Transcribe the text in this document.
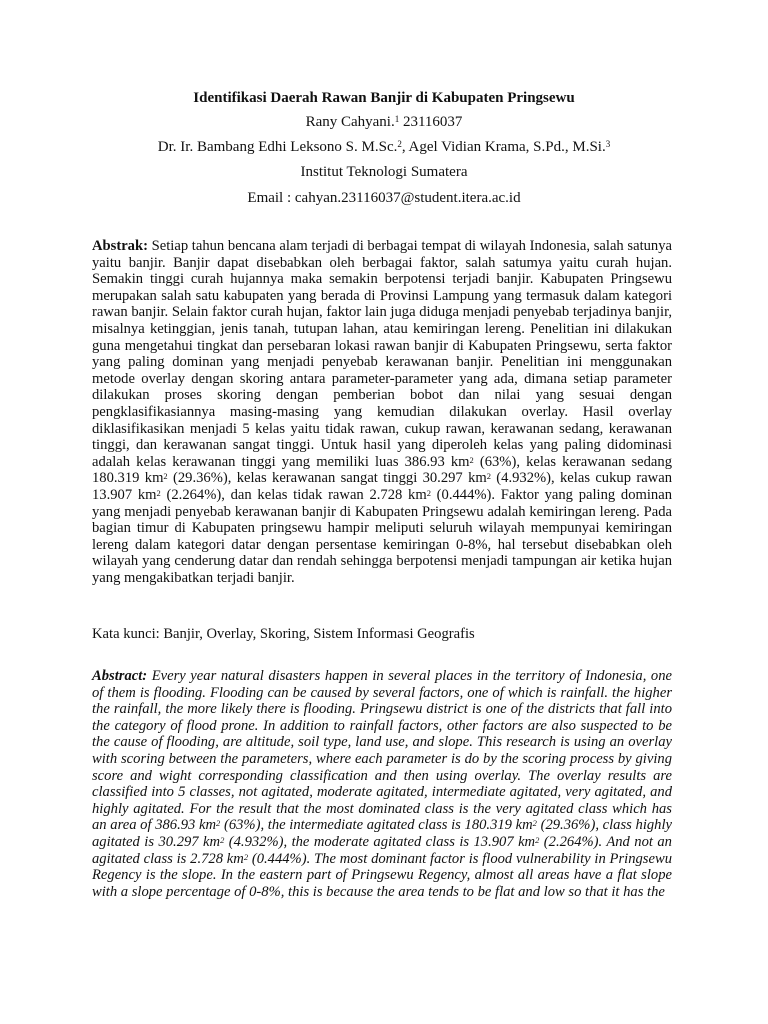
Identifikasi Daerah Rawan Banjir di Kabupaten Pringsewu
Rany Cahyani.$^1$ 23116037
Dr. Ir. Bambang Edhi Leksono S. M.Sc.$^2$, Agel Vidian Krama, S.Pd., M.Si.$^3$
Institut Teknologi Sumatera
Email : cahyan.23116037@student.itera.ac.id

Abstrak: Setiap tahun bencana alam terjadi di berbagai tempat di wilayah Indonesia, salah satunya yaitu banjir. Banjir dapat disebabkan oleh berbagai faktor, salah satumya yaitu curah hujan. Semakin tinggi curah hujannya maka semakin berpotensi terjadi banjir. Kabupaten Pringsewu merupakan salah satu kabupaten yang berada di Provinsi Lampung yang termasuk dalam kategori rawan banjir. Selain faktor curah hujan, faktor lain juga diduga menjadi penyebab terjadinya banjir, misalnya ketinggian, jenis tanah, tutupan lahan, atau kemiringan lereng. Penelitian ini dilakukan guna mengetahui tingkat dan persebaran lokasi rawan banjir di Kabupaten Pringsewu, serta faktor yang paling dominan yang menjadi penyebab kerawanan banjir. Penelitian ini menggunakan metode overlay dengan skoring antara parameter-parameter yang ada, dimana setiap parameter dilakukan proses skoring dengan pemberian bobot dan nilai yang sesuai dengan pengklasifikasiannya masing-masing yang kemudian dilakukan overlay. Hasil overlay diklasifikasikan menjadi 5 kelas yaitu tidak rawan, cukup rawan, kerawanan sedang, kerawanan tinggi, dan kerawanan sangat tinggi. Untuk hasil yang diperoleh kelas yang paling didominasi adalah kelas kerawanan tinggi yang memiliki luas 386.93 $km^2$ (63%), kelas kerawanan sedang 180.319 $km^2$ (29.36%), kelas kerawanan sangat tinggi 30.297 $km^2$ (4.932%), kelas cukup rawan 13.907 $km^2$ (2.264%), dan kelas tidak rawan 2.728 $km^2$ (0.444%). Faktor yang paling dominan yang menjadi penyebab kerawanan banjir di Kabupaten Pringsewu adalah kemiringan lereng. Pada bagian timur di Kabupaten pringsewu hampir meliputi seluruh wilayah mempunyai kemiringan lereng dalam kategori datar dengan persentase kemiringan 0-8%, hal tersebut disebabkan oleh wilayah yang cenderung datar dan rendah sehingga berpotensi menjadi tampungan air ketika hujan yang mengakibatkan terjadi banjir.

Kata kunci: Banjir, Overlay, Skoring, Sistem Informasi Geografis

Abstract: Every year natural disasters happen in several places in the territory of Indonesia, one of them is flooding. Flooding can be caused by several factors, one of which is rainfall. the higher the rainfall, the more likely there is flooding. Pringsewu district is one of the districts that fall into the category of flood prone. In addition to rainfall factors, other factors are also suspected to be the cause of flooding, are altitude, soil type, land use, and slope. This research is using an overlay with scoring between the parameters, where each parameter is do by the scoring process by giving score and wight corresponding classification and then using overlay. The overlay results are classified into 5 classes, not agitated, moderate agitated, intermediate agitated, very agitated, and highly agitated. For the result that the most dominated class is the very agitated class which has an area of 386.93 $km^2$ (63%), the intermediate agitated class is 180.319 $km^2$ (29.36%), class highly agitated is 30.297 $km^2$ (4.932%), the moderate agitated class is 13.907 $km^2$ (2.264%). And not an agitated class is 2.728 $km^2$ (0.444%). The most dominant factor is flood vulnerability in Pringsewu Regency is the slope. In the eastern part of Pringsewu Regency, almost all areas have a flat slope with a slope percentage of 0-8%, this is because the area tends to be flat and low so that it has the
